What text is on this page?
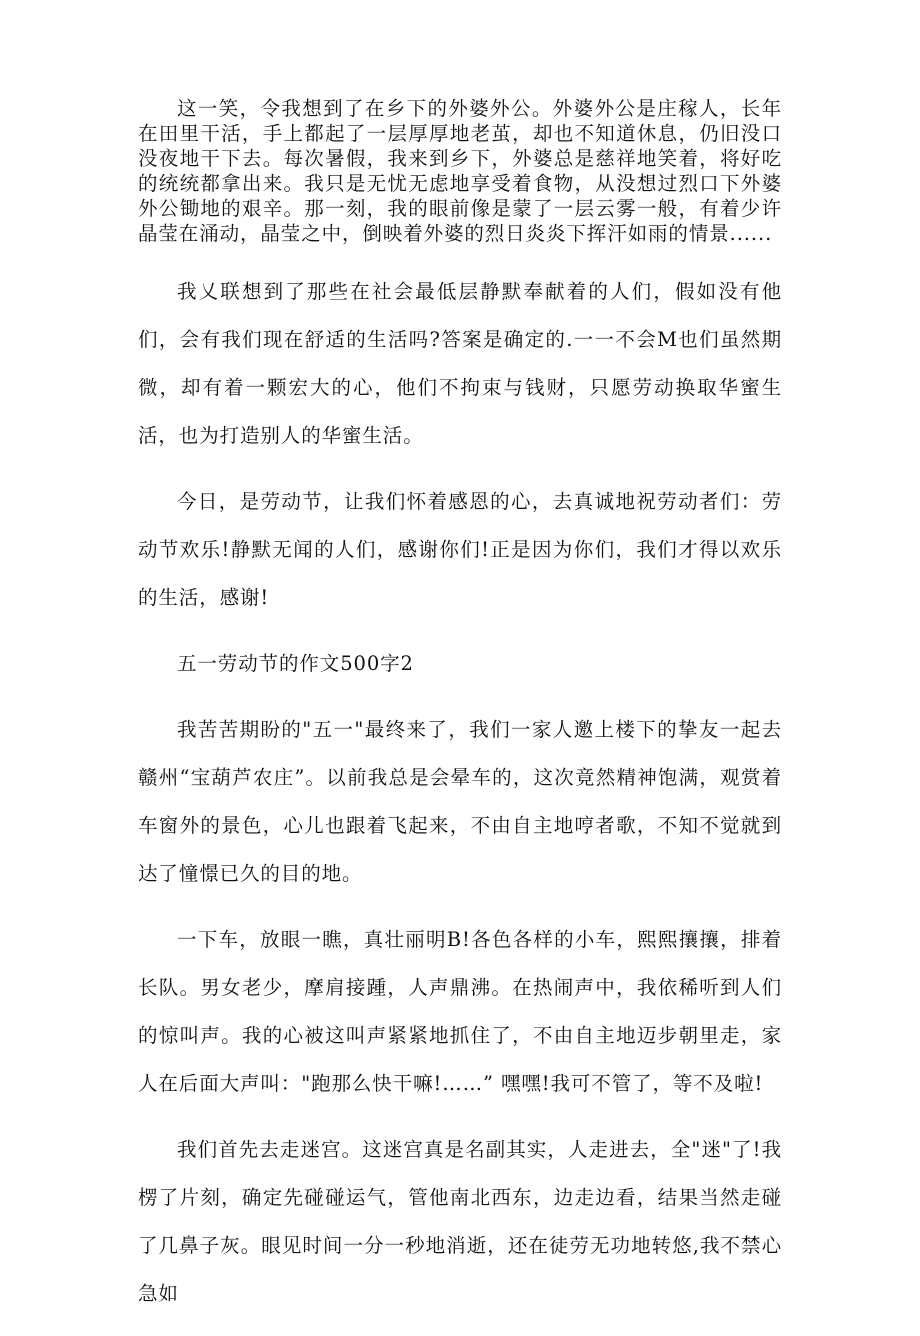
这一笑，令我想到了在乡下的外婆外公。外婆外公是庄稼人，长年在田里干活，手上都起了一层厚厚地老茧，却也不知道休息，仍旧没口没夜地干下去。每次暑假，我来到乡下，外婆总是慈祥地笑着，将好吃的统统都拿出来。我只是无忧无虑地享受着食物，从没想过烈口下外婆外公锄地的艰辛。那一刻，我的眼前像是蒙了一层云雾一般，有着少许晶莹在涌动，晶莹之中，倒映着外婆的烈日炎炎下挥汗如雨的情景......

我乂联想到了那些在社会最低层静默奉献着的人们，假如没有他们，会有我们现在舒适的生活吗?答案是确定的.一一不会M也们虽然期微，却有着一颗宏大的心，他们不拘束与钱财，只愿劳动换取华蜜生活，也为打造别人的华蜜生活。

今日，是劳动节，让我们怀着感恩的心，去真诚地祝劳动者们：劳动节欢乐!静默无闻的人们，感谢你们!正是因为你们，我们才得以欢乐的生活，感谢!

五一劳动节的作文500字2

我苦苦期盼的"五一"最终来了，我们一家人邀上楼下的挚友一起去赣州“宝葫芦农庄”。以前我总是会晕车的，这次竟然精神饱满，观赏着车窗外的景色，心儿也跟着飞起来，不由自主地哼者歌，不知不觉就到达了憧憬已久的目的地。

一下车，放眼一瞧，真壮丽明B!各色各样的小车，熙熙攘攘，排着长队。男女老少，摩肩接踵，人声鼎沸。在热闹声中，我依稀听到人们的惊叫声。我的心被这叫声紧紧地抓住了，不由自主地迈步朝里走，家人在后面大声叫："跑那么快干嘛!……” 嘿嘿!我可不管了，等不及啦!

我们首先去走迷宫。这迷宫真是名副其实，人走进去，全"迷"了!我楞了片刻，确定先碰碰运气，管他南北西东，边走边看，结果当然走碰了几鼻子灰。眼见时间一分一秒地消逝，还在徒劳无功地转悠,我不禁心急如
